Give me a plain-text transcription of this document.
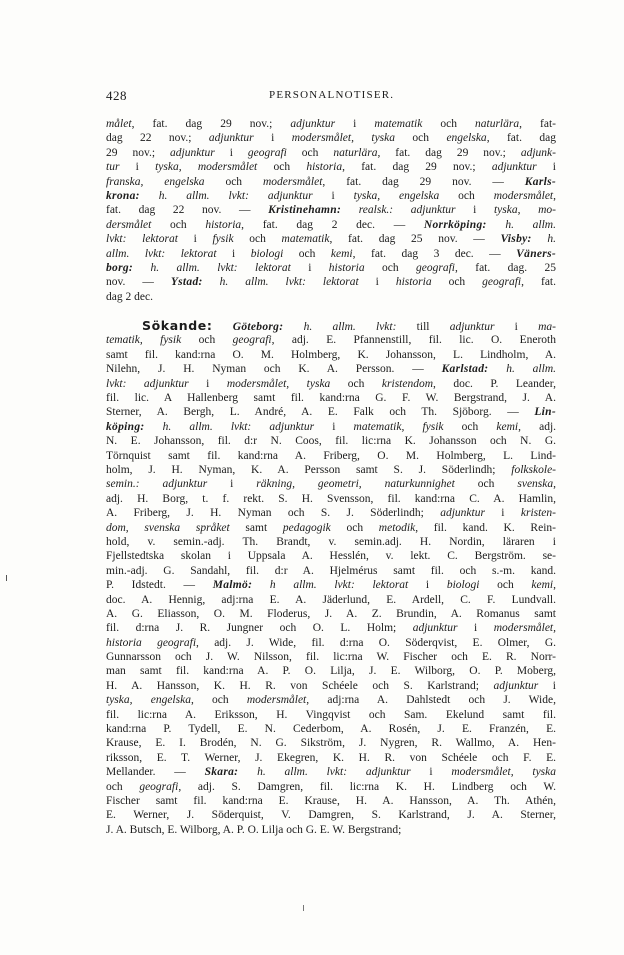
428	PERSONALNOTISER.
målet, fat. dag 29 nov.; adjunktur i matematik och naturlära, fat-
dag 22 nov.; adjunktur i modersmålet, tyska och engelska, fat. dag
29 nov.; adjunktur i geografi och naturlära, fat. dag 29 nov.; adjunk-
tur i tyska, modersmålet och historia, fat. dag 29 nov.; adjunktur i
franska, engelska och modersmålet, fat. dag 29 nov. — Karls-
krona: h. allm. lvkt: adjunktur i tyska, engelska och modersmålet,
fat. dag 22 nov. — Kristinehamn: realsk.: adjunktur i tyska, mo-
dersmålet och historia, fat. dag 2 dec. — Norrköping: h. allm.
lvkt: lektorat i fysik och matematik, fat. dag 25 nov. — Visby: h.
allm. lvkt: lektorat i biologi och kemi, fat. dag 3 dec. — Väners-
borg: h. allm. lvkt: lektorat i historia och geografi, fat. dag. 25
nov. — Ystad: h. allm. lvkt: lektorat i historia och geografi, fat.
dag 2 dec.
Sökande: Göteborg: h. allm. lvkt: till adjunktur i ma-
tematik, fysik och geografi, adj. E. Pfannenstill, fil. lic. O. Eneroth
samt fil. kand:rna O. M. Holmberg, K. Johansson, L. Lindholm, A.
Nilehn, J. H. Nyman och K. A. Persson. — Karlstad: h. allm.
lvkt: adjunktur i modersmålet, tyska och kristendom, doc. P. Leander,
fil. lic. A Hallenberg samt fil. kand:rna G. F. W. Bergstrand, J. A.
Sterner, A. Bergh, L. André, A. E. Falk och Th. Sjöborg. — Lin-
köping: h. allm. lvkt: adjunktur i matematik, fysik och kemi, adj.
N. E. Johansson, fil. d:r N. Coos, fil. lic:rna K. Johansson och N. G.
Törnquist samt fil. kand:rna A. Friberg, O. M. Holmberg, L. Lind-
holm, J. H. Nyman, K. A. Persson samt S. J. Söderlindh; folkskole-
semin.: adjunktur i räkning, geometri, naturkunnighet och svenska,
adj. H. Borg, t. f. rekt. S. H. Svensson, fil. kand:rna C. A. Hamlin,
A. Friberg, J. H. Nyman och S. J. Söderlindh; adjunktur i kristen-
dom, svenska språket samt pedagogik och metodik, fil. kand. K. Rein-
hold, v. semin.-adj. Th. Brandt, v. semin.adj. H. Nordin, läraren i
Fjellstedtska skolan i Uppsala A. Hesslén, v. lekt. C. Bergström. se-
min.-adj. G. Sandahl, fil. d:r A. Hjelmérus samt fil. och s.-m. kand.
P. Idstedt. — Malmö: h allm. lvkt: lektorat i biologi och kemi,
doc. A. Hennig, adj:rna E. A. Jäderlund, E. Ardell, C. F. Lundvall.
A. G. Eliasson, O. M. Floderus, J. A. Z. Brundin, A. Romanus samt
fil. d:rna J. R. Jungner och O. L. Holm; adjunktur i modersmålet,
historia geografi, adj. J. Wide, fil. d:rna O. Söderqvist, E. Olmer, G.
Gunnarsson och J. W. Nilsson, fil. lic:rna W. Fischer och E. R. Norr-
man samt fil. kand:rna A. P. O. Lilja, J. E. Wilborg, O. P. Moberg,
H. A. Hansson, K. H. R. von Schéele och S. Karlstrand; adjunktur i
tyska, engelska, och modersmålet, adj:rna A. Dahlstedt och J. Wide,
fil. lic:rna A. Eriksson, H. Vingqvist och Sam. Ekelund samt fil.
kand:rna P. Tydell, E. N. Cederbom, A. Rosén, J. E. Franzén, E.
Krause, E. I. Brodén, N. G. Sikström, J. Nygren, R. Wallmo, A. Hen-
riksson, E. T. Werner, J. Ekegren, K. H. R. von Schéele och F. E.
Mellander. — Skara: h. allm. lvkt: adjunktur i modersmålet, tyska
och geografi, adj. S. Damgren, fil. lic:rna K. H. Lindberg och W.
Fischer samt fil. kand:rna E. Krause, H. A. Hansson, A. Th. Athén,
E. Werner, J. Söderquist, V. Damgren, S. Karlstrand, J. A. Sterner,
J. A. Butsch, E. Wilborg, A. P. O. Lilja och G. E. W. Bergstrand;
